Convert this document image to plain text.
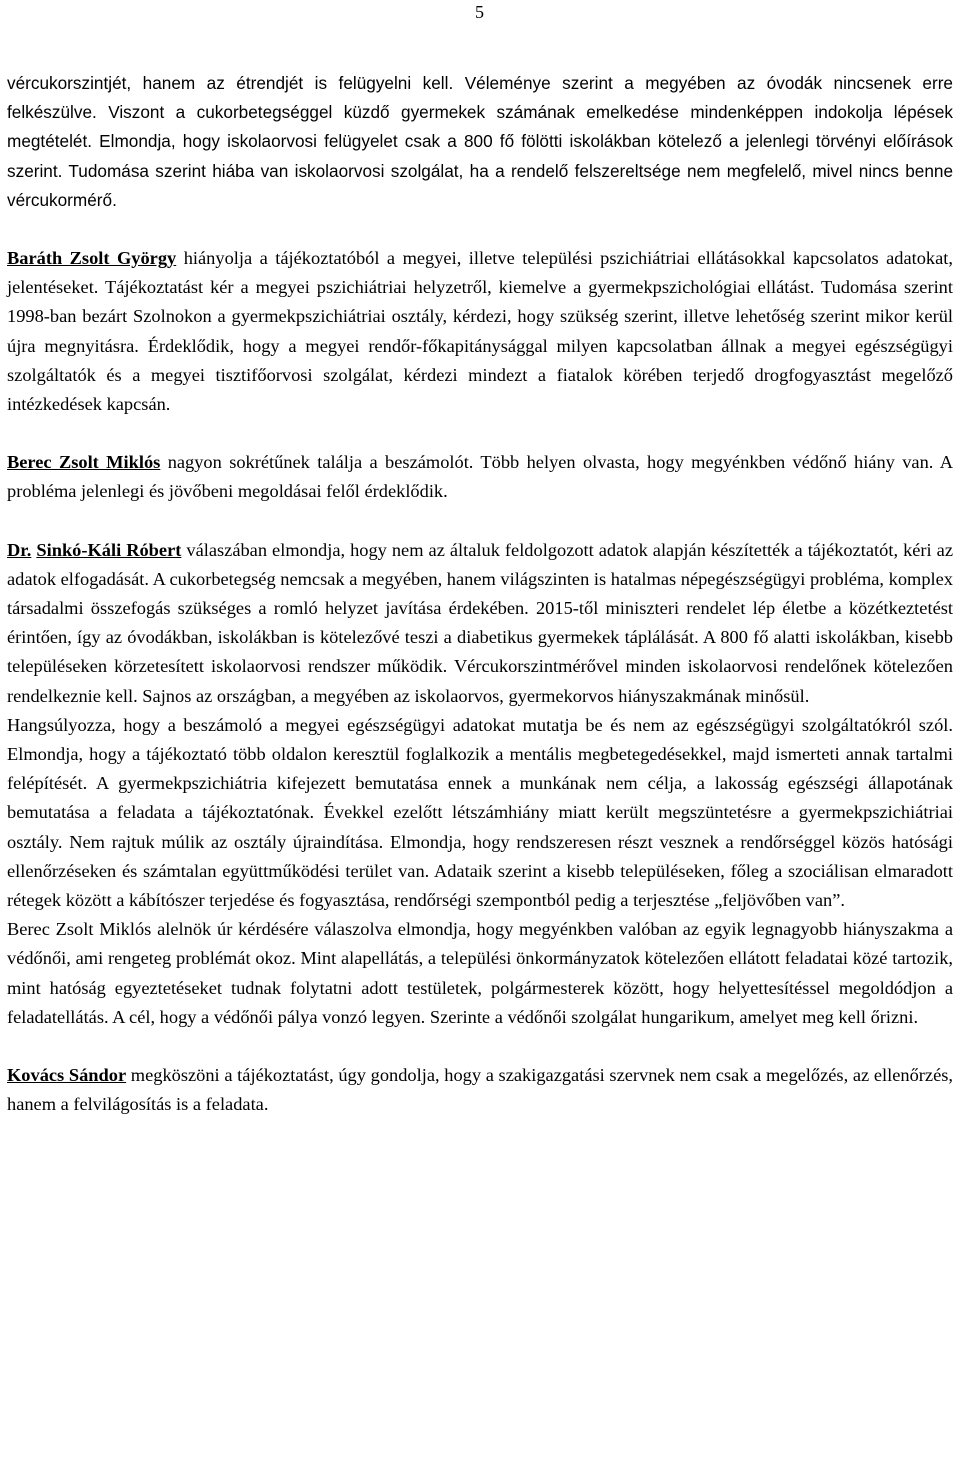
5

vércukorszintjét, hanem az étrendjét is felügyelni kell. Véleménye szerint a megyében az óvodák nincsenek erre felkészülve. Viszont a cukorbetegséggel küzdő gyermekek számának emelkedése mindenképpen indokolja lépések megtételét. Elmondja, hogy iskolaorvosi felügyelet csak a 800 fő fölötti iskolákban kötelező a jelenlegi törvényi előírások szerint. Tudomása szerint hiába van iskolaorvosi szolgálat, ha a rendelő felszereltsége nem megfelelő, mivel nincs benne vércukormérő.

Baráth Zsolt György hiányolja a tájékoztatóból a megyei, illetve települési pszichiátriai ellátásokkal kapcsolatos adatokat, jelentéseket. Tájékoztatást kér a megyei pszichiátriai helyzetről, kiemelve a gyermekpszichológiai ellátást. Tudomása szerint 1998-ban bezárt Szolnokon a gyermekpszichiátriai osztály, kérdezi, hogy szükség szerint, illetve lehetőség szerint mikor kerül újra megnyitásra. Érdeklődik, hogy a megyei rendőr-főkapitánysággal milyen kapcsolatban állnak a megyei egészségügyi szolgáltatók és a megyei tisztifőorvosi szolgálat, kérdezi mindezt a fiatalok körében terjedő drogfogyasztást megelőző intézkedések kapcsán.

Berec Zsolt Miklós nagyon sokrétűnek találja a beszámolót. Több helyen olvasta, hogy megyénkben védőnő hiány van. A probléma jelenlegi és jövőbeni megoldásai felől érdeklődik.

Dr. Sinkó-Káli Róbert válaszában elmondja, hogy nem az általuk feldolgozott adatok alapján készítették a tájékoztatót, kéri az adatok elfogadását. A cukorbetegség nemcsak a megyében, hanem világszinten is hatalmas népegészségügyi probléma, komplex társadalmi összefogás szükséges a romló helyzet javítása érdekében. 2015-től miniszteri rendelet lép életbe a közétkeztetést érintően, így az óvodákban, iskolákban is kötelezővé teszi a diabetikus gyermekek táplálását. A 800 fő alatti iskolákban, kisebb településeken körzetesített iskolaorvosi rendszer működik. Vércukorszintmérővel minden iskolaorvosi rendelőnek kötelezően rendelkeznie kell. Sajnos az országban, a megyében az iskolaorvos, gyermekorvos hiányszakmának minősül.

Hangsúlyozza, hogy a beszámoló a megyei egészségügyi adatokat mutatja be és nem az egészségügyi szolgáltatókról szól. Elmondja, hogy a tájékoztató több oldalon keresztül foglalkozik a mentális megbetegedésekkel, majd ismerteti annak tartalmi felépítését. A gyermekpszichiátria kifejezett bemutatása ennek a munkának nem célja, a lakosság egészségi állapotának bemutatása a feladata a tájékoztatónak. Évekkel ezelőtt létszámhiány miatt került megszüntetésre a gyermekpszichiátriai osztály. Nem rajtuk múlik az osztály újraindítása. Elmondja, hogy rendszeresen részt vesznek a rendőrséggel közös hatósági ellenőrzéseken és számtalan együttműködési terület van. Adataik szerint a kisebb településeken, főleg a szociálisan elmaradott rétegek között a kábítószer terjedése és fogyasztása, rendőrségi szempontból pedig a terjesztése „feljövőben van”.

Berec Zsolt Miklós alelnök úr kérdésére válaszolva elmondja, hogy megyénkben valóban az egyik legnagyobb hiányszakma a védőnői, ami rengeteg problémát okoz. Mint alapellátás, a települési önkormányzatok kötelezően ellátott feladatai közé tartozik, mint hatóság egyeztetéseket tudnak folytatni adott testületek, polgármesterek között, hogy helyettesítéssel megoldódjon a feladatellátás. A cél, hogy a védőnői pálya vonzó legyen. Szerinte a védőnői szolgálat hungarikum, amelyet meg kell őrizni.

Kovács Sándor megköszöni a tájékoztatást, úgy gondolja, hogy a szakigazgatási szervnek nem csak a megelőzés, az ellenőrzés, hanem a felvilágosítás is a feladata.
